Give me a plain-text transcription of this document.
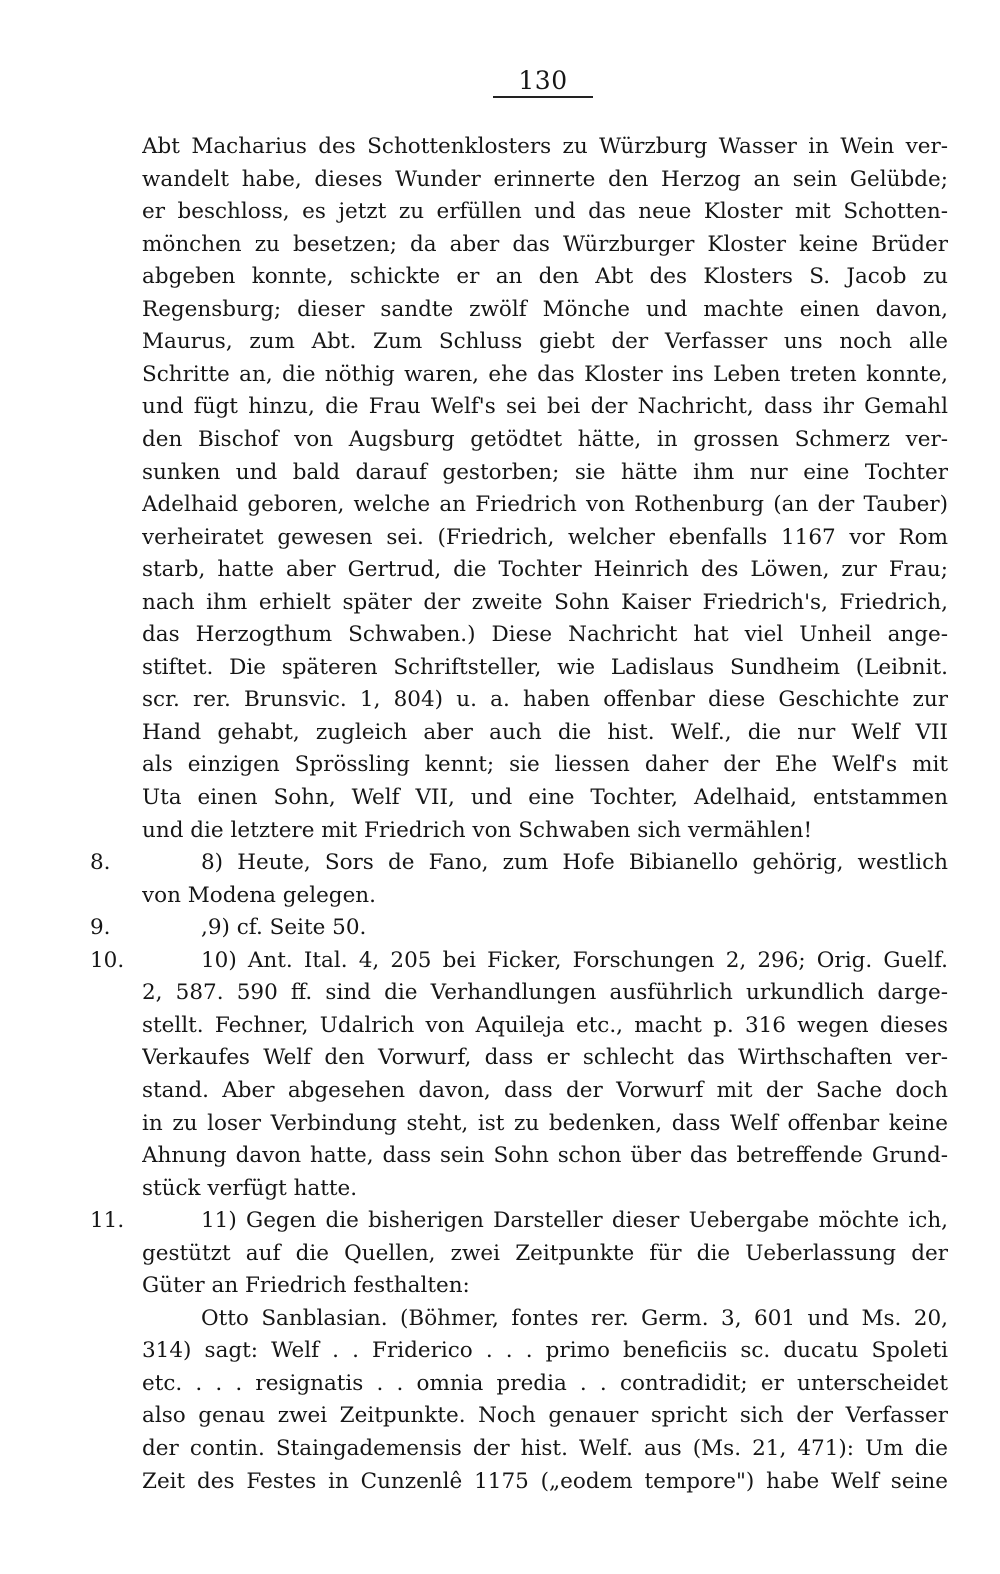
130
Abt Macharius des Schottenklosters zu Würzburg Wasser in Wein ver-
wandelt habe, dieses Wunder erinnerte den Herzog an sein Gelübde;
er beschloss, es jetzt zu erfüllen und das neue Kloster mit Schotten-
mönchen zu besetzen; da aber das Würzburger Kloster keine Brüder
abgeben konnte, schickte er an den Abt des Klosters S. Jacob zu
Regensburg; dieser sandte zwölf Mönche und machte einen davon,
Maurus, zum Abt. Zum Schluss giebt der Verfasser uns noch alle
Schritte an, die nöthig waren, ehe das Kloster ins Leben treten konnte,
und fügt hinzu, die Frau Welf's sei bei der Nachricht, dass ihr Gemahl
den Bischof von Augsburg getödtet hätte, in grossen Schmerz ver-
sunken und bald darauf gestorben; sie hätte ihm nur eine Tochter
Adelhaid geboren, welche an Friedrich von Rothenburg (an der Tauber)
verheiratet gewesen sei. (Friedrich, welcher ebenfalls 1167 vor Rom
starb, hatte aber Gertrud, die Tochter Heinrich des Löwen, zur Frau;
nach ihm erhielt später der zweite Sohn Kaiser Friedrich's, Friedrich,
das Herzogthum Schwaben.) Diese Nachricht hat viel Unheil ange-
stiftet. Die späteren Schriftsteller, wie Ladislaus Sundheim (Leibnit.
scr. rer. Brunsvic. 1, 804) u. a. haben offenbar diese Geschichte zur
Hand gehabt, zugleich aber auch die hist. Welf., die nur Welf VII
als einzigen Sprössling kennt; sie liessen daher der Ehe Welf's mit
Uta einen Sohn, Welf VII, und eine Tochter, Adelhaid, entstammen
und die letztere mit Friedrich von Schwaben sich vermählen!
8.	8) Heute, Sors de Fano, zum Hofe Bibianello gehörig, westlich
von Modena gelegen.
9.	,9) cf. Seite 50.
10.	10) Ant. Ital. 4, 205 bei Ficker, Forschungen 2, 296; Orig. Guelf.
2, 587. 590 ff. sind die Verhandlungen ausführlich urkundlich darge-
stellt. Fechner, Udalrich von Aquileja etc., macht p. 316 wegen dieses
Verkaufes Welf den Vorwurf, dass er schlecht das Wirthschaften ver-
stand. Aber abgesehen davon, dass der Vorwurf mit der Sache doch
in zu loser Verbindung steht, ist zu bedenken, dass Welf offenbar keine
Ahnung davon hatte, dass sein Sohn schon über das betreffende Grund-
stück verfügt hatte.
11.	11) Gegen die bisherigen Darsteller dieser Uebergabe möchte ich,
gestützt auf die Quellen, zwei Zeitpunkte für die Ueberlassung der
Güter an Friedrich festhalten:
Otto Sanblasian. (Böhmer, fontes rer. Germ. 3, 601 und Ms. 20,
314) sagt: Welf . . Friderico . . . primo beneficiis sc. ducatu Spoleti
etc. . . . resignatis . . omnia predia . . contradidit; er unterscheidet
also genau zwei Zeitpunkte. Noch genauer spricht sich der Verfasser
der contin. Staingademensis der hist. Welf. aus (Ms. 21, 471): Um die
Zeit des Festes in Cunzenlê 1175 („eodem tempore") habe Welf seine
